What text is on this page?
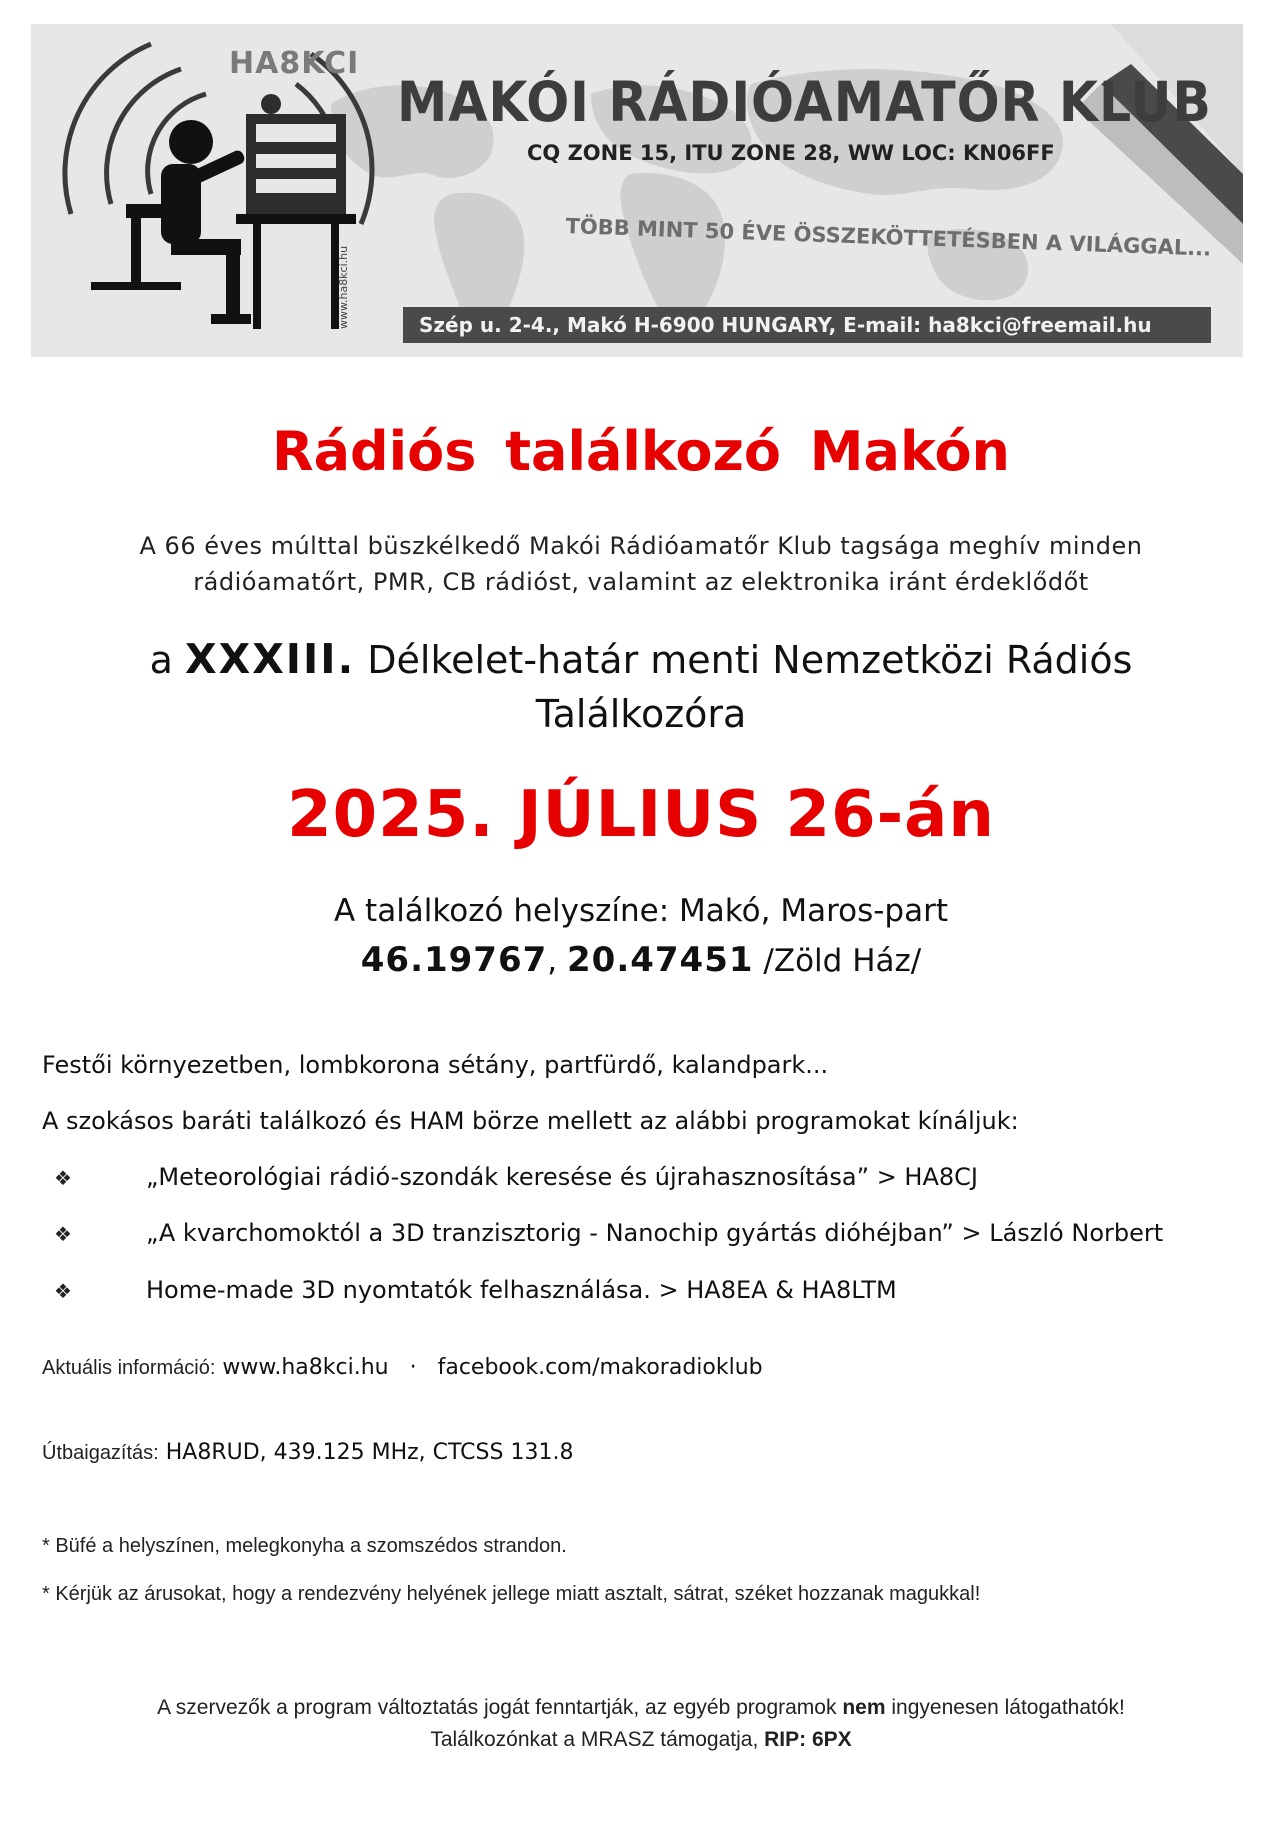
HA8KCI
MAKÓI RÁDIÓAMATŐR KLUB
CQ ZONE 15, ITU ZONE 28, WW LOC: KN06FF
TÖBB MINT 50 ÉVE ÖSSZEKÖTTETÉSBEN A VILÁGGAL...
www.ha8kci.hu	Szép u. 2-4., Makó H-6900 HUNGARY, E-mail: ha8kci@freemail.hu
Rádiós találkozó Makón
A 66 éves múlttal büszkélkedő Makói Rádióamatőr Klub tagsága meghív minden
rádióamatőrt, PMR, CB rádióst, valamint az elektronika iránt érdeklődőt
a XXXIII. Délkelet-határ menti Nemzetközi Rádiós
Találkozóra
2025. JÚLIUS 26-án
A találkozó helyszíne: Makó, Maros-part
46.19767, 20.47451 /Zöld Ház/
Festői környezetben, lombkorona sétány, partfürdő, kalandpark...
A szokásos baráti találkozó és HAM börze mellett az alábbi programokat kínáljuk:
❖	„Meteorológiai rádió-szondák keresése és újrahasznosítása” > HA8CJ
❖	„A kvarchomoktól a 3D tranzisztorig - Nanochip gyártás dióhéjban” > László Norbert
❖	Home-made 3D nyomtatók felhasználása. > HA8EA & HA8LTM
Aktuális információ: www.ha8kci.hu · facebook.com/makoradioklub
Útbaigazítás: HA8RUD, 439.125 MHz, CTCSS 131.8
* Büfé a helyszínen, melegkonyha a szomszédos strandon.
* Kérjük az árusokat, hogy a rendezvény helyének jellege miatt asztalt, sátrat, széket hozzanak magukkal!
A szervezők a program változtatás jogát fenntartják, az egyéb programok nem ingyenesen látogathatók!
Találkozónkat a MRASZ támogatja, RIP: 6PX
